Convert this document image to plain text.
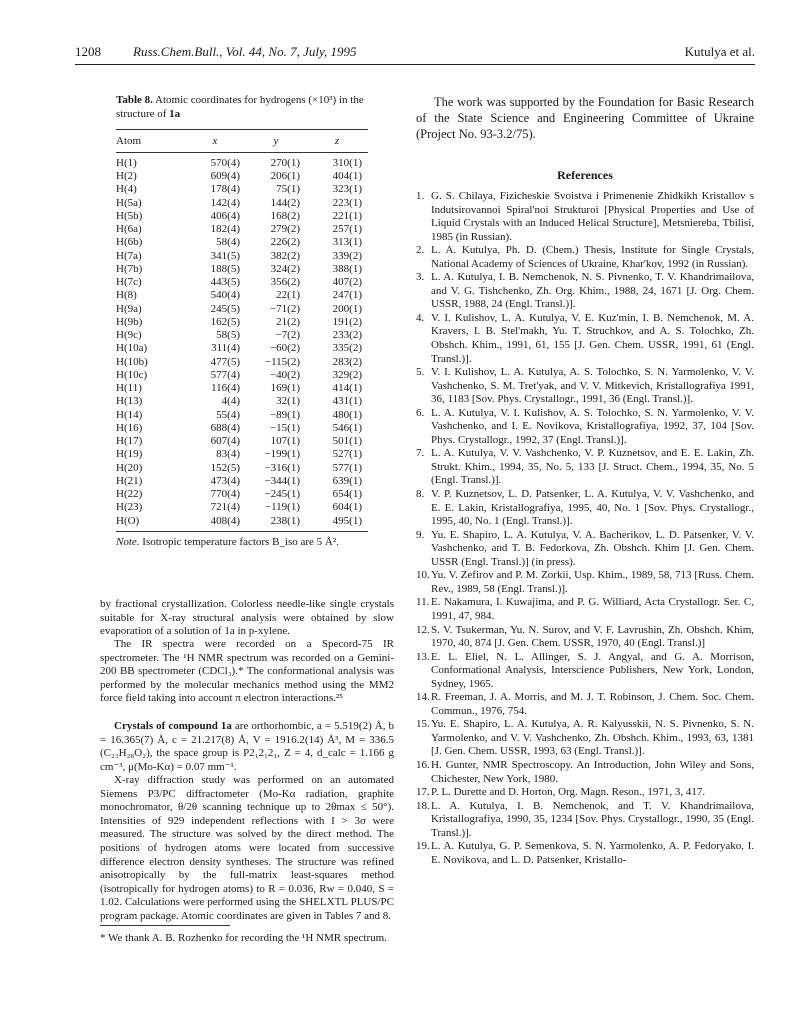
1208 Russ.Chem.Bull., Vol. 44, No. 7, July, 1995	Kutulya et al.
Table 8. Atomic coordinates for hydrogens (×10³) in the structure of 1a
Atom	x	y	z
H(1)	570(4)	270(1)	310(1)
H(2)	609(4)	206(1)	404(1)
H(4)	178(4)	75(1)	323(1)
H(5a)	142(4)	144(2)	223(1)
H(5b)	406(4)	168(2)	221(1)
H(6a)	182(4)	279(2)	257(1)
H(6b)	58(4)	226(2)	313(1)
H(7a)	341(5)	382(2)	339(2)
H(7b)	188(5)	324(2)	388(1)
H(7c)	443(5)	356(2)	407(2)
H(8)	540(4)	22(1)	247(1)
H(9a)	245(5)	−71(2)	200(1)
H(9b)	162(5)	21(2)	191(2)
H(9c)	58(5)	−7(2)	233(2)
H(10a)	311(4)	−60(2)	335(2)
H(10b)	477(5)	−115(2)	283(2)
H(10c)	577(4)	−40(2)	329(2)
H(11)	116(4)	169(1)	414(1)
H(13)	4(4)	32(1)	431(1)
H(14)	55(4)	−89(1)	480(1)
H(16)	688(4)	−15(1)	546(1)
H(17)	607(4)	107(1)	501(1)
H(19)	83(4)	−199(1)	527(1)
H(20)	152(5)	−316(1)	577(1)
H(21)	473(4)	−344(1)	639(1)
H(22)	770(4)	−245(1)	654(1)
H(23)	721(4)	−119(1)	604(1)
H(O)	408(4)	238(1)	495(1)
Note. Isotropic temperature factors B_iso are 5 Å².

by fractional crystallization. Colorless needle-like single crystals suitable for X-ray structural analysis were obtained by slow evaporation of a solution of 1a in p-xylene.

The IR spectra were recorded on a Specord-75 IR spectrometer. The ¹H NMR spectrum was recorded on a Gemini-200 BB spectrometer (CDCl₃).* The conformational analysis was performed by the molecular mechanics method using the MM2 force field taking into account π electron interactions.²⁵

Crystals of compound 1a are orthorhombic, a = 5.519(2) Å, b = 16.365(7) Å, c = 21.217(8) Å, V = 1916.2(14) Å³, M = 336.5 (C₂₃H₂₈O₂), the space group is P2₁2₁2₁, Z = 4, d_calc = 1.166 g cm⁻³, μ(Mo-Kα) = 0.07 mm⁻¹.

X-ray diffraction study was performed on an automated Siemens P3/PC diffractometer (Mo-Kα radiation, graphite monochromator, θ/2θ scanning technique up to 2θmax ≤ 50°). Intensities of 929 independent reflections with I > 3σ were measured. The structure was solved by the direct method. The positions of hydrogen atoms were located from successive difference electron density syntheses. The structure was refined anisotropically by the full-matrix least-squares method (isotropically for hydrogen atoms) to R = 0.036, Rw = 0.040, S = 1.02. Calculations were performed using the SHELXTL PLUS/PC program package. Atomic coordinates are given in Tables 7 and 8.

* We thank A. B. Rozhenko for recording the ¹H NMR spectrum.

The work was supported by the Foundation for Basic Research of the State Science and Engineering Committee of Ukraine (Project No. 93-3.2/75).

References
1. G. S. Chilaya, Fizicheskie Svoistva i Primenenie Zhidkikh Kristallov s Indutsirovannoi Spiral'noi Strukturoi [Physical Properties and Use of Liquid Crystals with an Induced Helical Structure], Metsniereba, Tbilisi, 1985 (in Russian).
2. L. A. Kutulya, Ph. D. (Chem.) Thesis, Institute for Single Crystals, National Academy of Sciences of Ukraine, Khar'kov, 1992 (in Russian).
3. L. A. Kutulya, I. B. Nemchenok, N. S. Pivnenko, T. V. Khandrimailova, and V. G. Tishchenko, Zh. Org. Khim., 1988, 24, 1671 [J. Org. Chem. USSR, 1988, 24 (Engl. Transl.)].
4. V. I. Kulishov, L. A. Kutulya, V. E. Kuz'min, I. B. Nemchenok, M. A. Kravers, I. B. Stel'makh, Yu. T. Struchkov, and A. S. Tolochko, Zh. Obshch. Khim., 1991, 61, 155 [J. Gen. Chem. USSR, 1991, 61 (Engl. Transl.)].
5. V. I. Kulishov, L. A. Kutulya, A. S. Tolochko, S. N. Yarmolenko, V. V. Vashchenko, S. M. Tret'yak, and V. V. Mitkevich, Kristallografiya 1991, 36, 1183 [Sov. Phys. Crystallogr., 1991, 36 (Engl. Transl.)].
6. L. A. Kutulya, V. I. Kulishov, A. S. Tolochko, S. N. Yarmolenko, V. V. Vashchenko, and I. E. Novikova, Kristallografiya, 1992, 37, 104 [Sov. Phys. Crystallogr., 1992, 37 (Engl. Transl.)].
7. L. A. Kutulya, V. V. Vashchenko, V. P. Kuznetsov, and E. E. Lakin, Zh. Strukt. Khim., 1994, 35, No. 5, 133 [J. Struct. Chem., 1994, 35, No. 5 (Engl. Transl.)].
8. V. P. Kuznetsov, L. D. Patsenker, L. A. Kutulya, V. V. Vashchenko, and E. E. Lakin, Kristallografiya, 1995, 40, No. 1 [Sov. Phys. Crystallogr., 1995, 40, No. 1 (Engl. Transl.)].
9. Yu. E. Shapiro, L. A. Kutulya, V. A. Bacherikov, L. D. Patsenker, V. V. Vashchenko, and T. B. Fedorkova, Zh. Obshch. Khim [J. Gen. Chem. USSR (Engl. Transl.)] (in press).
10. Yu. V. Zefirov and P. M. Zorkii, Usp. Khim., 1989, 58, 713 [Russ. Chem. Rev., 1989, 58 (Engl. Transl.)].
11. E. Nakamura, I. Kuwajima, and P. G. Williard, Acta Crystallogr. Ser. C, 1991, 47, 984.
12. S. V. Tsukerman, Yu. N. Surov, and V. F. Lavrushin, Zh. Obshch. Khim, 1970, 40, 874 [J. Gen. Chem. USSR, 1970, 40 (Engl. Transl.)]
13. E. L. Eliel, N. L. Allinger, S. J. Angyal, and G. A. Morrison, Conformational Analysis, Interscience Publishers, New York, London, Sydney, 1965.
14. R. Freeman, J. A. Morris, and M. J. T. Robinson, J. Chem. Soc. Chem. Commun., 1976, 754.
15. Yu. E. Shapiro, L. A. Kutulya, A. R. Kalyusskii, N. S. Pivnenko, S. N. Yarmolenko, and V. V. Vashchenko, Zh. Obshch. Khim., 1993, 63, 1381 [J. Gen. Chem. USSR, 1993, 63 (Engl. Transl.)].
16. H. Gunter, NMR Spectroscopy. An Introduction, John Wiley and Sons, Chichester, New York, 1980.
17. P. L. Durette and D. Horton, Org. Magn. Reson., 1971, 3, 417.
18. L. A. Kutulya, I. B. Nemchenok, and T. V. Khandrimailova, Kristallografiya, 1990, 35, 1234 [Sov. Phys. Crystallogr., 1990, 35 (Engl. Transl.)].
19. L. A. Kutulya, G. P. Semenkova, S. N. Yarmolenko, A. P. Fedoryako, I. E. Novikova, and L. D. Patsenker, Kristallo-
